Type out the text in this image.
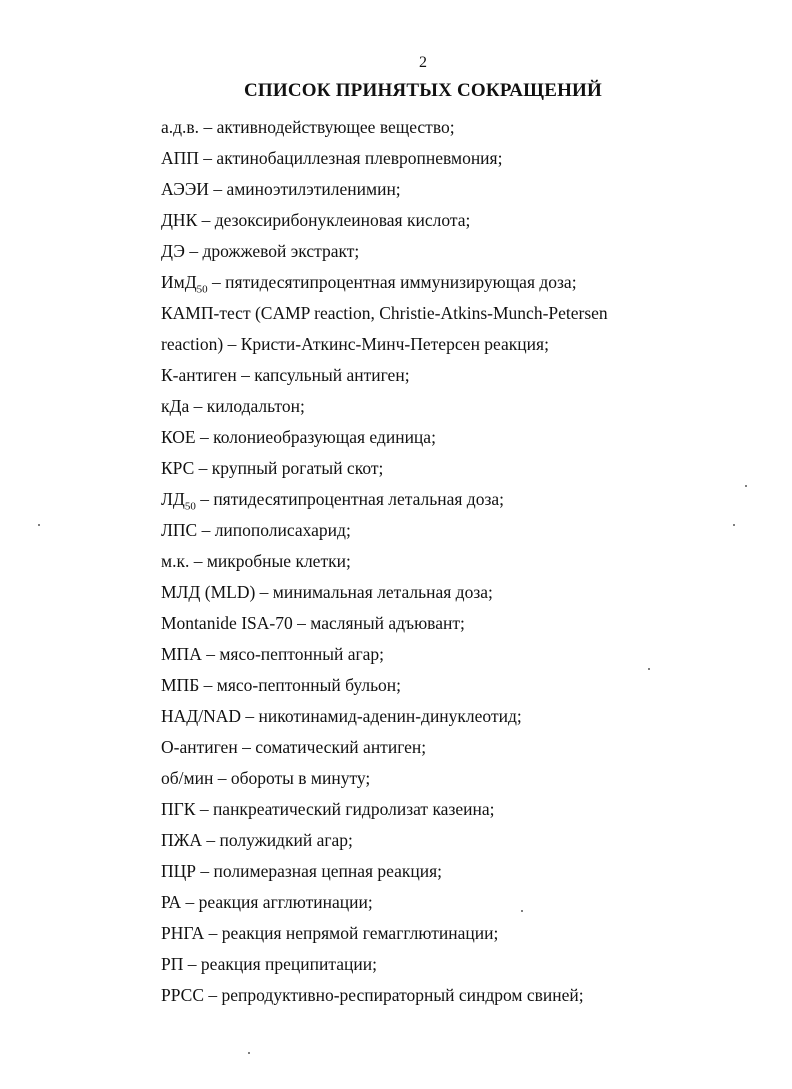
2
СПИСОК ПРИНЯТЫХ СОКРАЩЕНИЙ
а.д.в. – активнодействующее вещество;
АПП – актинобациллезная плевропневмония;
АЭЭИ – аминоэтилэтиленимин;
ДНК – дезоксирибонуклеиновая кислота;
ДЭ – дрожжевой экстракт;
ИмД$_{50}$ – пятидесятипроцентная иммунизирующая доза;
КАМП-тест (CAMP reaction, Christie-Atkins-Munch-Petersen
reaction) – Кристи-Аткинс-Минч-Петерсен реакция;
К-антиген – капсульный антиген;
кДа – килодальтон;
КОЕ – колониеобразующая единица;
КРС – крупный рогатый скот;
$ЛД_{50}$ – пятидесятипроцентная летальная доза;
ЛПС – липополисахарид;
м.к. – микробные клетки;
МЛД (MLD) – минимальная летальная доза;
Montanide ISA-70 – масляный адъювант;
МПА – мясо-пептонный агар;
МПБ – мясо-пептонный бульон;
НАД/NAD – никотинамид-аденин-динуклеотид;
О-антиген – соматический антиген;
об/мин – обороты в минуту;
ПГК – панкреатический гидролизат казеина;
ПЖА – полужидкий агар;
ПЦР – полимеразная цепная реакция;
РА – реакция агглютинации;
РНГА – реакция непрямой гемагглютинации;
РП – реакция преципитации;
РРСС – репродуктивно-респираторный синдром свиней;
